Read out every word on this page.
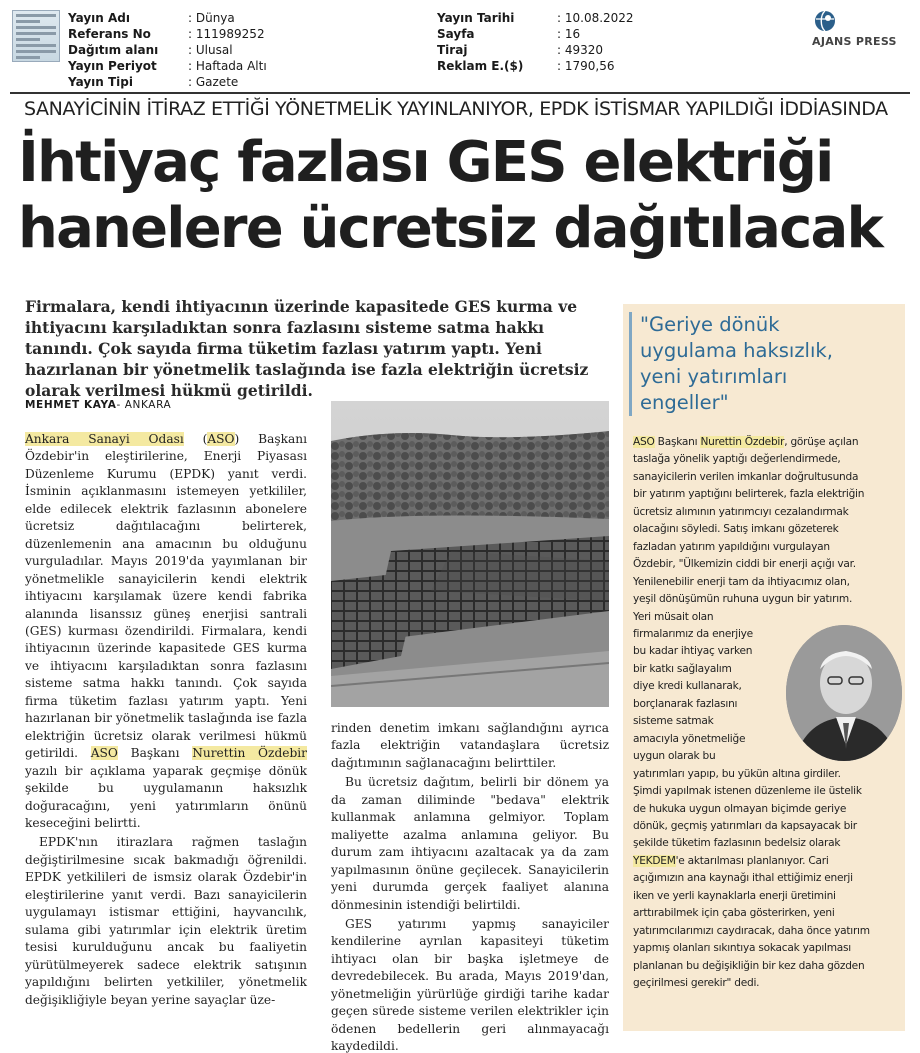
Yayın Adı	: Dünya
Referans No	: 111989252
Dağıtım alanı	: Ulusal
Yayın Periyot	: Haftada Altı
Yayın Tipi	: Gazete
Yayın Tarihi	: 10.08.2022
Sayfa	: 16
Tiraj	: 49320
Reklam E.($)	: 1790,56
AJANS PRESS
SANAYİCİNİN İTİRAZ ETTİĞİ YÖNETMELİK YAYINLANIYOR, EPDK İSTİSMAR YAPILDIĞI İDDİASINDA
İhtiyaç fazlası GES elektriği
hanelere ücretsiz dağıtılacak
Firmalara, kendi ihtiyacının üzerinde kapasitede GES kurma ve ihtiyacını karşıladıktan sonra fazlasını sisteme satma hakkı tanındı. Çok sayıda firma tüketim fazlası yatırım yaptı. Yeni hazırlanan bir yönetmelik taslağında ise fazla elektriğin ücretsiz olarak verilmesi hükmü getirildi.
MEHMET KAYA- ANKARA

Ankara Sanayi Odası (ASO) Başkanı Özdebir'in eleştirilerine, Enerji Piyasası Düzenleme Kurumu (EPDK) yanıt verdi. İsminin açıklanmasını istemeyen yetkililer, elde edilecek elektrik fazlasının abonelere ücretsiz dağıtılacağını belirterek, düzenlemenin ana amacının bu olduğunu vurguladılar. Mayıs 2019'da yayımlanan bir yönetmelikle sanayicilerin kendi elektrik ihtiyacını karşılamak üzere kendi fabrika alanında lisanssız güneş enerjisi santrali (GES) kurması özendirildi. Firmalara, kendi ihtiyacının üzerinde kapasitede GES kurma ve ihtiyacını karşıladıktan sonra fazlasını sisteme satma hakkı tanındı. Çok sayıda firma tüketim fazlası yatırım yaptı. Yeni hazırlanan bir yönetmelik taslağında ise fazla elektriğin ücretsiz olarak verilmesi hükmü getirildi. ASO Başkanı Nurettin Özdebir yazılı bir açıklama yaparak geçmişe dönük şekilde bu uygulamanın haksızlık doğuracağını, yeni yatırımların önünü keseceğini belirtti.

EPDK'nın itirazlara rağmen taslağın değiştirilmesine sıcak bakmadığı öğrenildi. EPDK yetkilileri de ismsiz olarak Özdebir'in eleştirilerine yanıt verdi. Bazı sanayicilerin uygulamayı istismar ettiğini, hayvancılık, sulama gibi yatırımlar için elektrik üretim tesisi kurulduğunu ancak bu faaliyetin yürütülmeyerek sadece elektrik satışının yapıldığını belirten yetkililer, yönetmelik değişikliğiyle beyan yerine sayaçlar üze-

rinden denetim imkanı sağlandığını ayrıca fazla elektriğin vatandaşlara ücretsiz dağıtımının sağlanacağını belirttiler.

Bu ücretsiz dağıtım, belirli bir dönem ya da zaman diliminde "bedava" elektrik kullanmak anlamına gelmiyor. Toplam maliyette azalma anlamına geliyor. Bu durum zam ihtiyacını azaltacak ya da zam yapılmasının önüne geçilecek. Sanayicilerin yeni durumda gerçek faaliyet alanına dönmesinin istendiği belirtildi.

GES yatırımı yapmış sanayiciler kendilerine ayrılan kapasiteyi tüketim ihtiyacı olan bir başka işletmeye de devredebilecek. Bu arada, Mayıs 2019'dan, yönetmeliğin yürürlüğe girdiği tarihe kadar geçen sürede sisteme verilen elektrikler için ödenen bedellerin geri alınmayacağı kaydedildi.

"Geriye dönük
uygulama haksızlık,
yeni yatırımları
engeller"
ASO Başkanı Nurettin Özdebir, görüşe açılan
taslağa yönelik yaptığı değerlendirmede,
sanayicilerin verilen imkanlar doğrultusunda
bir yatırım yaptığını belirterek, fazla elektriğin
ücretsiz alımının yatırımcıyı cezalandırmak
olacağını söyledi. Satış imkanı gözeterek
fazladan yatırım yapıldığını vurgulayan
Özdebir, "Ülkemizin ciddi bir enerji açığı var.
Yenilenebilir enerji tam da ihtiyacımız olan,
yeşil dönüşümün ruhuna uygun bir yatırım.
Yeri müsait olan
firmalarımız da enerjiye
bu kadar ihtiyaç varken
bir katkı sağlayalım
diye kredi kullanarak,
borçlanarak fazlasını
sisteme satmak
amacıyla yönetmeliğe
uygun olarak bu
yatırımları yapıp, bu yükün altına girdiler.
Şimdi yapılmak istenen düzenleme ile üstelik
de hukuka uygun olmayan biçimde geriye
dönük, geçmiş yatırımları da kapsayacak bir
şekilde tüketim fazlasının bedelsiz olarak
YEKDEM'e aktarılması planlanıyor. Cari
açığımızın ana kaynağı ithal ettiğimiz enerji
iken ve yerli kaynaklarla enerji üretimini
arttırabilmek için çaba gösterirken, yeni
yatırımcılarımızı caydıracak, daha önce yatırım
yapmış olanları sıkıntıya sokacak yapılması
planlanan bu değişikliğin bir kez daha gözden
geçirilmesi gerekir" dedi.
